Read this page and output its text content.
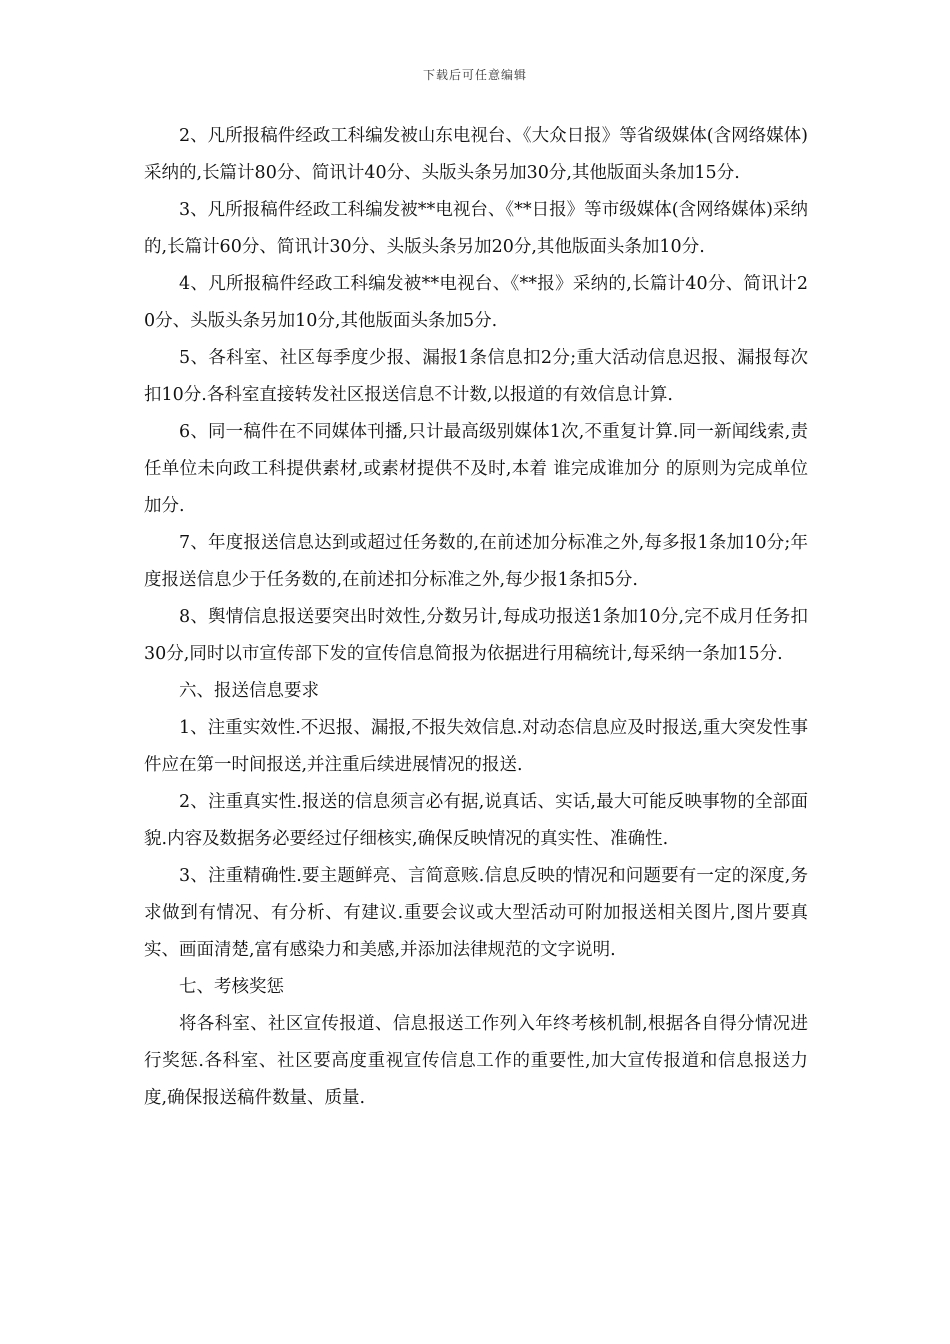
下载后可任意编辑

2、凡所报稿件经政工科编发被山东电视台、《大众日报》等省级媒体(含网络媒体)采纳的,长篇计80分、简讯计40分、头版头条另加30分,其他版面头条加15分.

3、凡所报稿件经政工科编发被**电视台、《**日报》等市级媒体(含网络媒体)采纳的,长篇计60分、简讯计30分、头版头条另加20分,其他版面头条加10分.

4、凡所报稿件经政工科编发被**电视台、《**报》采纳的,长篇计40分、简讯计20分、头版头条另加10分,其他版面头条加5分.

5、各科室、社区每季度少报、漏报1条信息扣2分;重大活动信息迟报、漏报每次扣10分.各科室直接转发社区报送信息不计数,以报道的有效信息计算.

6、同一稿件在不同媒体刊播,只计最高级别媒体1次,不重复计算.同一新闻线索,责任单位未向政工科提供素材,或素材提供不及时,本着 谁完成谁加分 的原则为完成单位加分.

7、年度报送信息达到或超过任务数的,在前述加分标准之外,每多报1条加10分;年度报送信息少于任务数的,在前述扣分标准之外,每少报1条扣5分.

8、舆情信息报送要突出时效性,分数另计,每成功报送1条加10分,完不成月任务扣30分,同时以市宣传部下发的宣传信息简报为依据进行用稿统计,每采纳一条加15分.

六、报送信息要求

1、注重实效性.不迟报、漏报,不报失效信息.对动态信息应及时报送,重大突发性事件应在第一时间报送,并注重后续进展情况的报送.

2、注重真实性.报送的信息须言必有据,说真话、实话,最大可能反映事物的全部面貌.内容及数据务必要经过仔细核实,确保反映情况的真实性、准确性.

3、注重精确性.要主题鲜亮、言简意赅.信息反映的情况和问题要有一定的深度,务求做到有情况、有分析、有建议.重要会议或大型活动可附加报送相关图片,图片要真实、画面清楚,富有感染力和美感,并添加法律规范的文字说明.

七、考核奖惩

将各科室、社区宣传报道、信息报送工作列入年终考核机制,根据各自得分情况进行奖惩.各科室、社区要高度重视宣传信息工作的重要性,加大宣传报道和信息报送力度,确保报送稿件数量、质量.
